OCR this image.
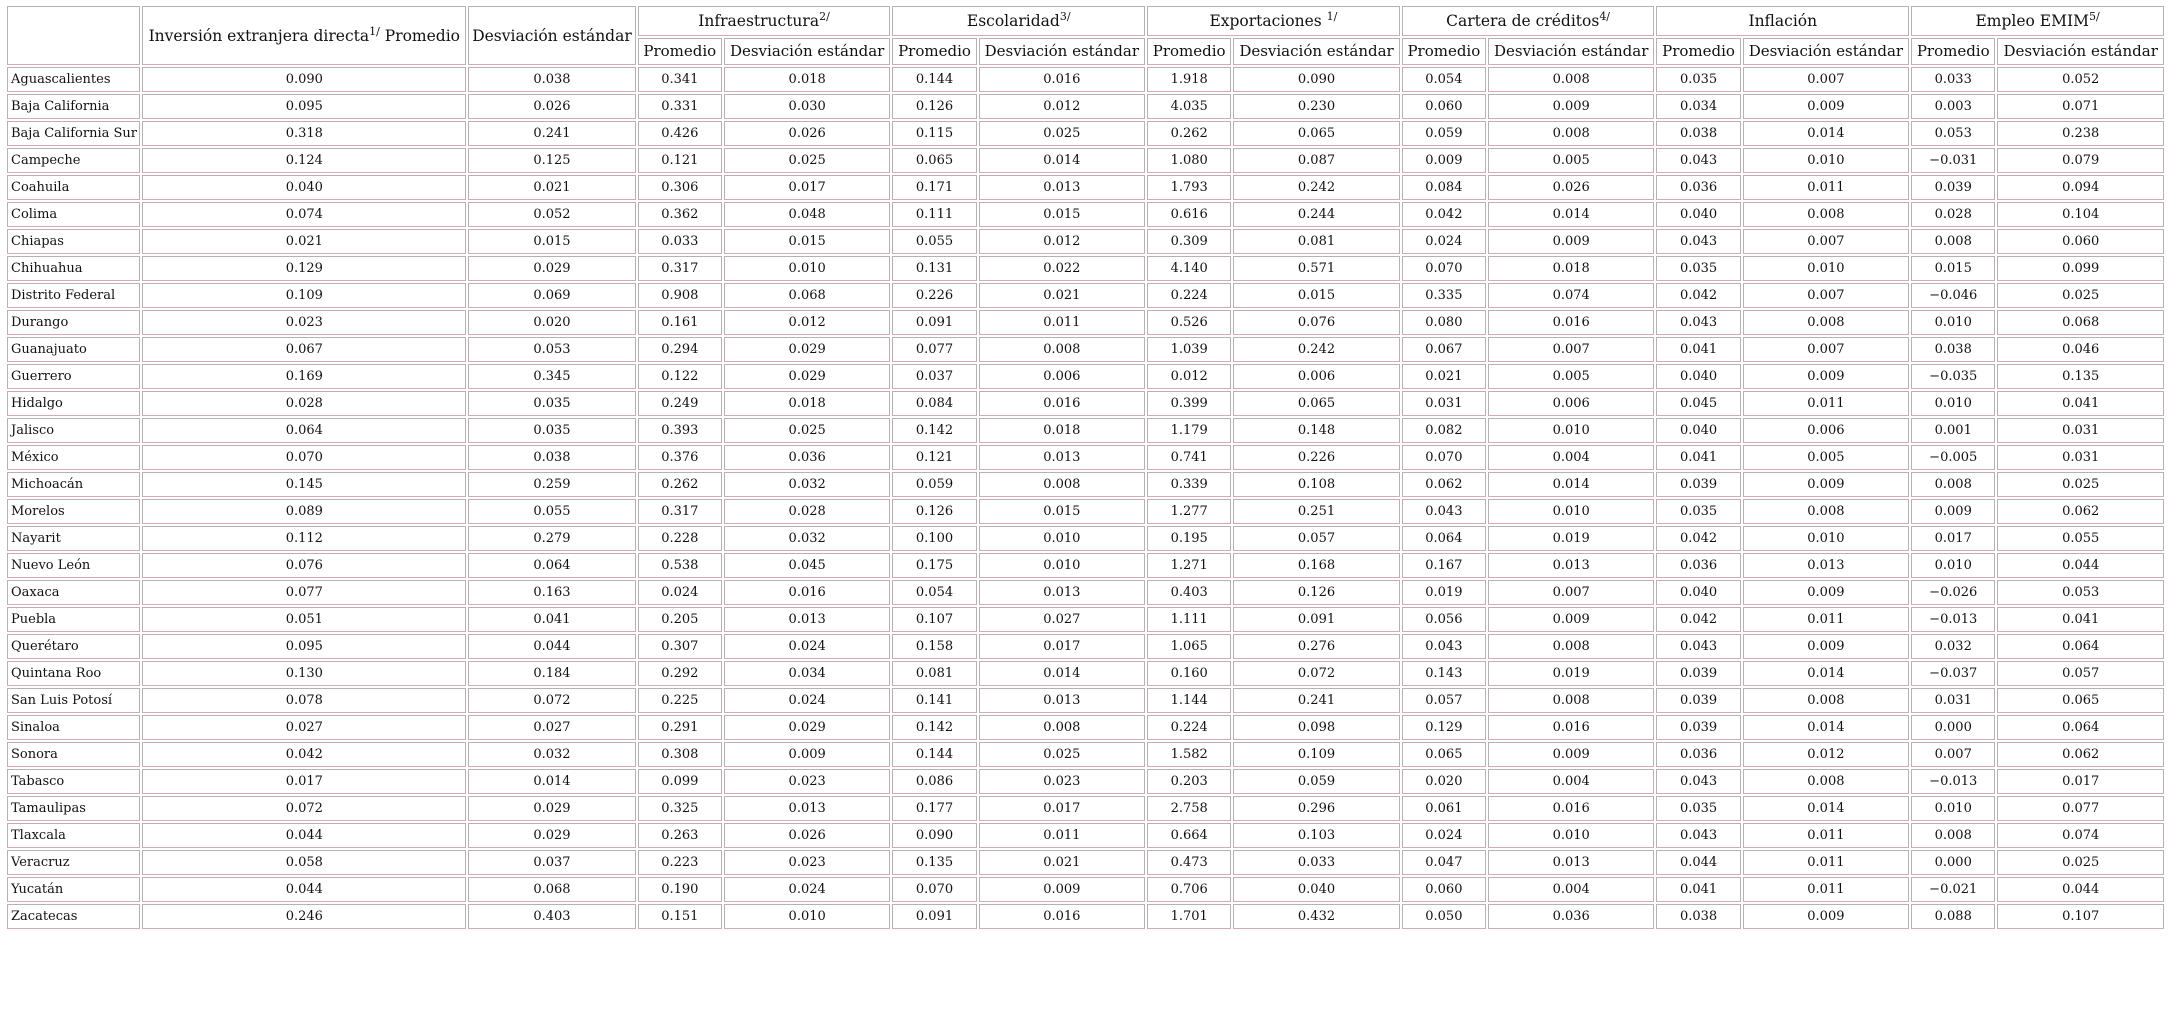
	Inversión extranjera directa$^{1/}$ Promedio	Desviación estándar	Infraestructura$^{2/}$		Escolaridad$^{3/}$		Exportaciones $^{1/}$		Cartera de créditos$^{4/}$		Inflación		Empleo $EMIM^{5/}$
			Promedio	Desviación estándar	Promedio	Desviación estándar	Promedio	Desviación estándar	Promedio	Desviación estándar	Promedio	Desviación estándar	Promedio	Desviación estándar
Aguascalientes	0.090	0.038	0.341	0.018	0.144	0.016	1.918	0.090	0.054	0.008	0.035	0.007	0.033	0.052
Baja California	0.095	0.026	0.331	0.030	0.126	0.012	4.035	0.230	0.060	0.009	0.034	0.009	0.003	0.071
Baja California Sur	0.318	0.241	0.426	0.026	0.115	0.025	0.262	0.065	0.059	0.008	0.038	0.014	0.053	0.238
Campeche	0.124	0.125	0.121	0.025	0.065	0.014	1.080	0.087	0.009	0.005	0.043	0.010	−0.031	0.079
Coahuila	0.040	0.021	0.306	0.017	0.171	0.013	1.793	0.242	0.084	0.026	0.036	0.011	0.039	0.094
Colima	0.074	0.052	0.362	0.048	0.111	0.015	0.616	0.244	0.042	0.014	0.040	0.008	0.028	0.104
Chiapas	0.021	0.015	0.033	0.015	0.055	0.012	0.309	0.081	0.024	0.009	0.043	0.007	0.008	0.060
Chihuahua	0.129	0.029	0.317	0.010	0.131	0.022	4.140	0.571	0.070	0.018	0.035	0.010	0.015	0.099
Distrito Federal	0.109	0.069	0.908	0.068	0.226	0.021	0.224	0.015	0.335	0.074	0.042	0.007	−0.046	0.025
Durango	0.023	0.020	0.161	0.012	0.091	0.011	0.526	0.076	0.080	0.016	0.043	0.008	0.010	0.068
Guanajuato	0.067	0.053	0.294	0.029	0.077	0.008	1.039	0.242	0.067	0.007	0.041	0.007	0.038	0.046
Guerrero	0.169	0.345	0.122	0.029	0.037	0.006	0.012	0.006	0.021	0.005	0.040	0.009	−0.035	0.135
Hidalgo	0.028	0.035	0.249	0.018	0.084	0.016	0.399	0.065	0.031	0.006	0.045	0.011	0.010	0.041
Jalisco	0.064	0.035	0.393	0.025	0.142	0.018	1.179	0.148	0.082	0.010	0.040	0.006	0.001	0.031
México	0.070	0.038	0.376	0.036	0.121	0.013	0.741	0.226	0.070	0.004	0.041	0.005	−0.005	0.031
Michoacán	0.145	0.259	0.262	0.032	0.059	0.008	0.339	0.108	0.062	0.014	0.039	0.009	0.008	0.025
Morelos	0.089	0.055	0.317	0.028	0.126	0.015	1.277	0.251	0.043	0.010	0.035	0.008	0.009	0.062
Nayarit	0.112	0.279	0.228	0.032	0.100	0.010	0.195	0.057	0.064	0.019	0.042	0.010	0.017	0.055
Nuevo León	0.076	0.064	0.538	0.045	0.175	0.010	1.271	0.168	0.167	0.013	0.036	0.013	0.010	0.044
Oaxaca	0.077	0.163	0.024	0.016	0.054	0.013	0.403	0.126	0.019	0.007	0.040	0.009	−0.026	0.053
Puebla	0.051	0.041	0.205	0.013	0.107	0.027	1.111	0.091	0.056	0.009	0.042	0.011	−0.013	0.041
Querétaro	0.095	0.044	0.307	0.024	0.158	0.017	1.065	0.276	0.043	0.008	0.043	0.009	0.032	0.064
Quintana Roo	0.130	0.184	0.292	0.034	0.081	0.014	0.160	0.072	0.143	0.019	0.039	0.014	−0.037	0.057
San Luis Potosí	0.078	0.072	0.225	0.024	0.141	0.013	1.144	0.241	0.057	0.008	0.039	0.008	0.031	0.065
Sinaloa	0.027	0.027	0.291	0.029	0.142	0.008	0.224	0.098	0.129	0.016	0.039	0.014	0.000	0.064
Sonora	0.042	0.032	0.308	0.009	0.144	0.025	1.582	0.109	0.065	0.009	0.036	0.012	0.007	0.062
Tabasco	0.017	0.014	0.099	0.023	0.086	0.023	0.203	0.059	0.020	0.004	0.043	0.008	−0.013	0.017
Tamaulipas	0.072	0.029	0.325	0.013	0.177	0.017	2.758	0.296	0.061	0.016	0.035	0.014	0.010	0.077
Tlaxcala	0.044	0.029	0.263	0.026	0.090	0.011	0.664	0.103	0.024	0.010	0.043	0.011	0.008	0.074
Veracruz	0.058	0.037	0.223	0.023	0.135	0.021	0.473	0.033	0.047	0.013	0.044	0.011	0.000	0.025
Yucatán	0.044	0.068	0.190	0.024	0.070	0.009	0.706	0.040	0.060	0.004	0.041	0.011	−0.021	0.044
Zacatecas	0.246	0.403	0.151	0.010	0.091	0.016	1.701	0.432	0.050	0.036	0.038	0.009	0.088	0.107
